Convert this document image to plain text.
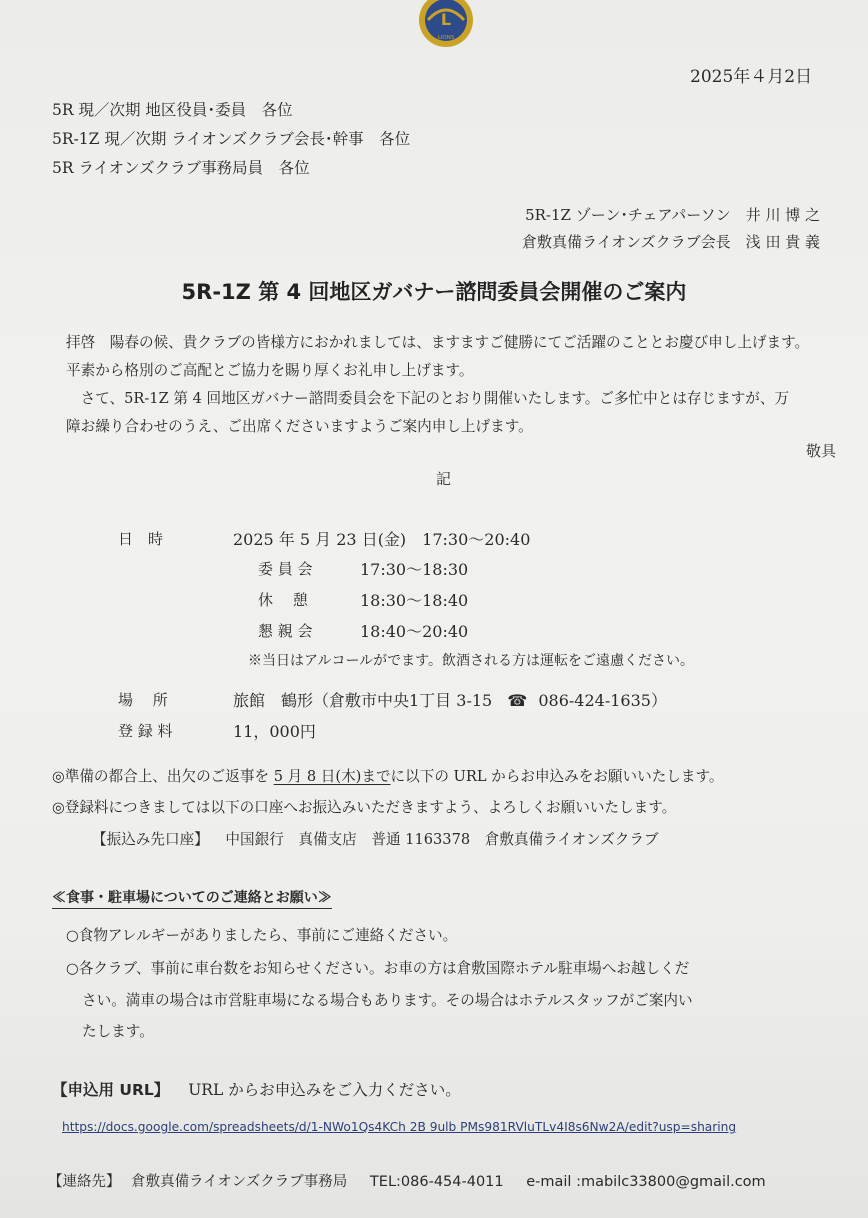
L
LIONS
2025年４月2日
5R 現／次期 地区役員･委員　各位
5R-1Z 現／次期 ライオンズクラブ会長･幹事　各位
5R ライオンズクラブ事務局員　各位
5R-1Z ゾーン･チェアパーソン　井 川 博 之
倉敷真備ライオンズクラブ会長　浅 田 貴 義
5R-1Z 第 4 回地区ガバナー諮問委員会開催のご案内
拝啓　陽春の候、貴クラブの皆様方におかれましては、ますますご健勝にてご活躍のこととお慶び申し上げます。
平素から格別のご高配とご協力を賜り厚くお礼申し上げます。
　さて、5R-1Z 第 4 回地区ガバナー諮問委員会を下記のとおり開催いたします。ご多忙中とは存じますが、万
障お繰り合わせのうえ、ご出席くださいますようご案内申し上げます。
敬具
記
日　時	2025 年 5 月 23 日(金)　17:30～20:40
委 員 会	17:30～18:30
休　 憩	18:30～18:40
懇 親 会	18:40～20:40
※当日はアルコールがでます。飲酒される方は運転をご遠慮ください。
場　 所	旅館　鶴形（倉敷市中央1丁目 3-15 ☎ 086-424-1635）
登 録 料	11，000円
◎準備の都合上、出欠のご返事を 5 月 8 日(木)までに以下の URL からお申込みをお願いいたします。
◎登録料につきましては以下の口座へお振込みいただきますよう、よろしくお願いいたします。
【振込み先口座】 中国銀行　真備支店　普通 1163378　倉敷真備ライオンズクラブ
≪食事・駐車場についてのご連絡とお願い≫
○食物アレルギーがありましたら、事前にご連絡ください。
○各クラブ、事前に車台数をお知らせください。お車の方は倉敷国際ホテル駐車場へお越しくだ
さい。満車の場合は市営駐車場になる場合もあります。その場合はホテルスタッフがご案内い
たします。
【申込用 URL】 URL からお申込みをご入力ください。
https://docs.google.com/spreadsheets/d/1-NWo1Qs4KCh 2B 9ulb PMs981RVluTLv4I8s6Nw2A/edit?usp=sharing
【連絡先】 倉敷真備ライオンズクラブ事務局 TEL:086-454-4011 e-mail :mabilc33800@gmail.com
